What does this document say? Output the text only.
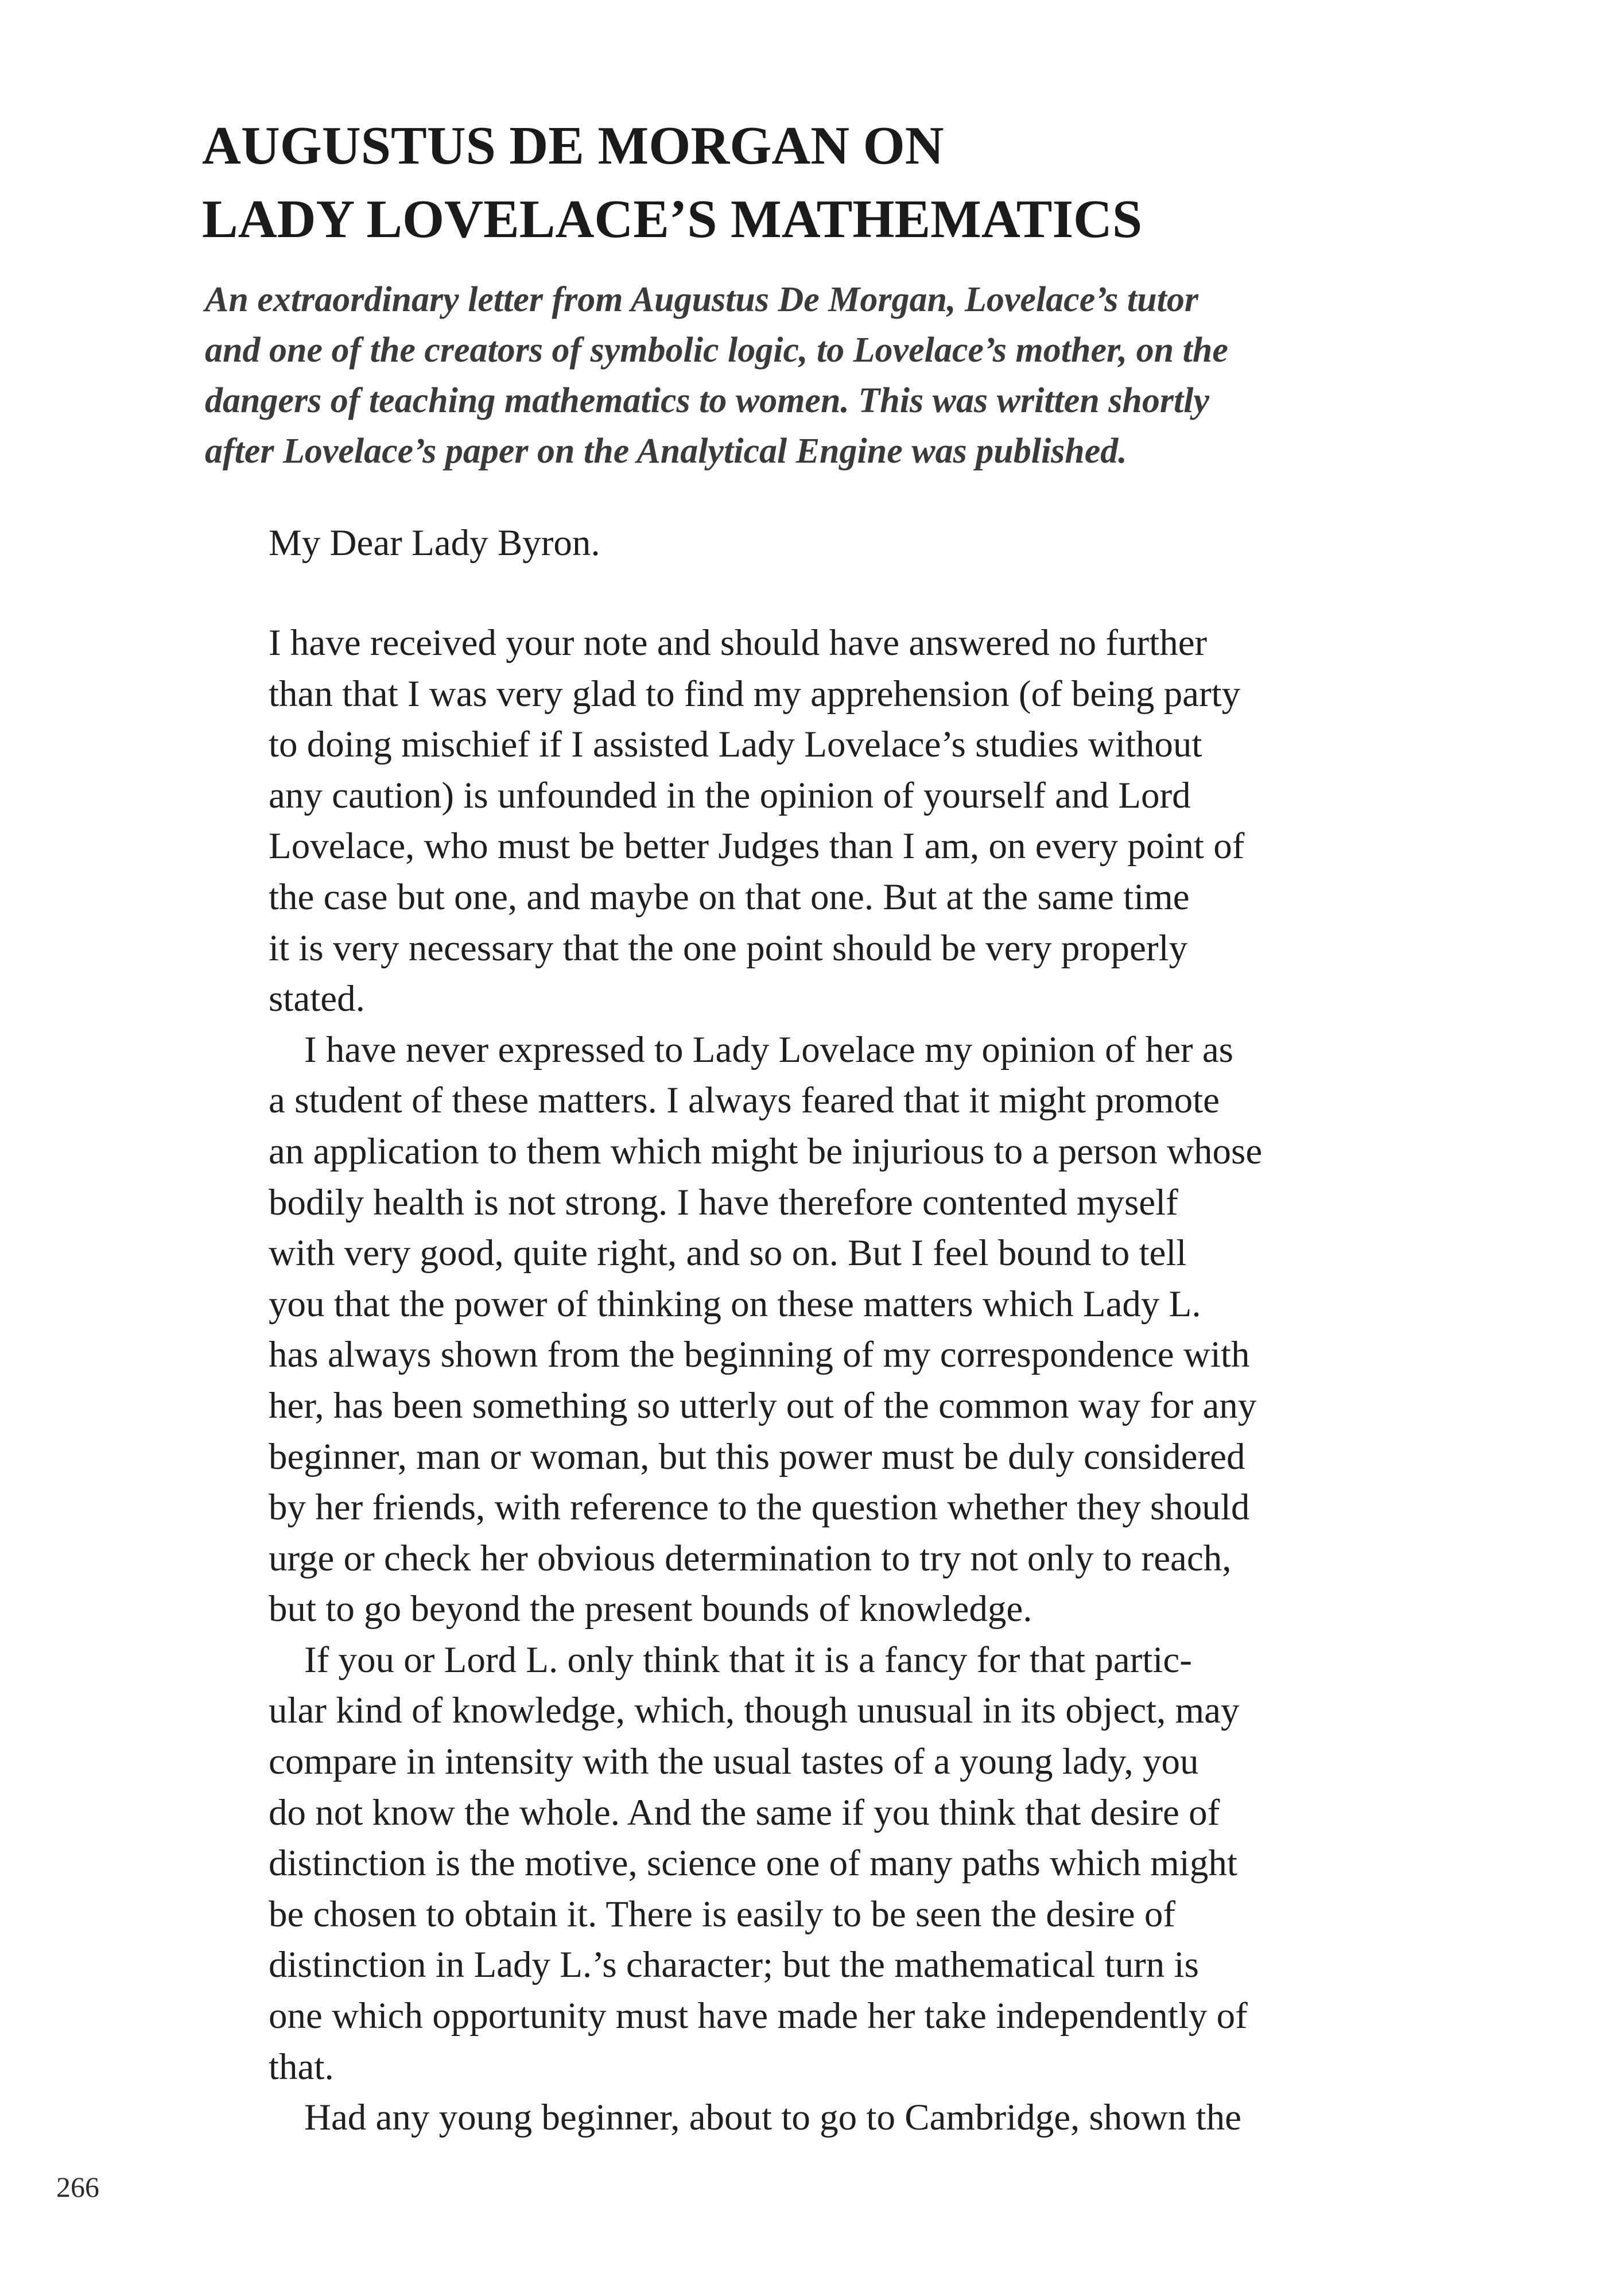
AUGUSTUS DE MORGAN ON
LADY LOVELACE’S MATHEMATICS
An extraordinary letter from Augustus De Morgan, Lovelace’s tutor
and one of the creators of symbolic logic, to Lovelace’s mother, on the
dangers of teaching mathematics to women. This was written shortly
after Lovelace’s paper on the Analytical Engine was published.
My Dear Lady Byron.
I have received your note and should have answered no further
than that I was very glad to find my apprehension (of being party
to doing mischief if I assisted Lady Lovelace’s studies without
any caution) is unfounded in the opinion of yourself and Lord
Lovelace, who must be better Judges than I am, on every point of
the case but one, and maybe on that one. But at the same time
it is very necessary that the one point should be very properly
stated.
I have never expressed to Lady Lovelace my opinion of her as
a student of these matters. I always feared that it might promote
an application to them which might be injurious to a person whose
bodily health is not strong. I have therefore contented myself
with very good, quite right, and so on. But I feel bound to tell
you that the power of thinking on these matters which Lady L.
has always shown from the beginning of my correspondence with
her, has been something so utterly out of the common way for any
beginner, man or woman, but this power must be duly considered
by her friends, with reference to the question whether they should
urge or check her obvious determination to try not only to reach,
but to go beyond the present bounds of knowledge.
If you or Lord L. only think that it is a fancy for that partic-
ular kind of knowledge, which, though unusual in its object, may
compare in intensity with the usual tastes of a young lady, you
do not know the whole. And the same if you think that desire of
distinction is the motive, science one of many paths which might
be chosen to obtain it. There is easily to be seen the desire of
distinction in Lady L.’s character; but the mathematical turn is
one which opportunity must have made her take independently of
that.
Had any young beginner, about to go to Cambridge, shown the
266
